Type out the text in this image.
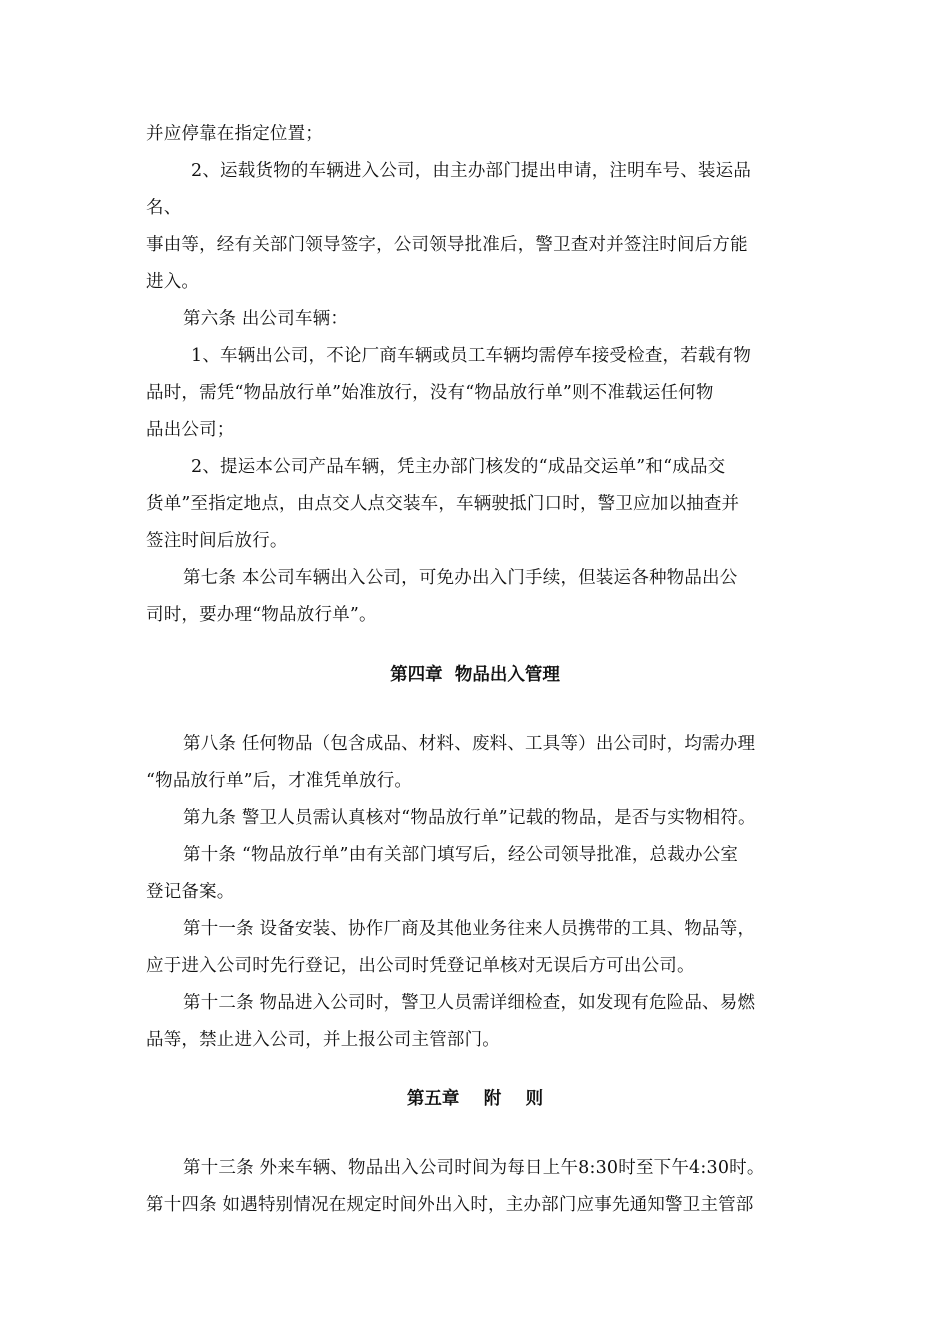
并应停靠在指定位置；
2、运载货物的车辆进入公司，由主办部门提出申请，注明车号、装运品
名、
事由等，经有关部门领导签字，公司领导批准后，警卫查对并签注时间后方能
进入。
第六条 出公司车辆：
1、车辆出公司，不论厂商车辆或员工车辆均需停车接受检查，若载有物
品时，需凭“物品放行单”始准放行，没有“物品放行单”则不准载运任何物
品出公司；
2、提运本公司产品车辆，凭主办部门核发的“成品交运单”和“成品交
货单”至指定地点，由点交人点交装车，车辆驶抵门口时，警卫应加以抽查并
签注时间后放行。
第七条 本公司车辆出入公司，可免办出入门手续，但装运各种物品出公
司时，要办理“物品放行单”。
第四章  物品出入管理
第八条 任何物品（包含成品、材料、废料、工具等）出公司时，均需办理
“物品放行单”后，才准凭单放行。
第九条 警卫人员需认真核对“物品放行单”记载的物品，是否与实物相符。
第十条 “物品放行单”由有关部门填写后，经公司领导批准，总裁办公室
登记备案。
第十一条 设备安装、协作厂商及其他业务往来人员携带的工具、物品等，
应于进入公司时先行登记，出公司时凭登记单核对无误后方可出公司。
第十二条 物品进入公司时，警卫人员需详细检查，如发现有危险品、易燃
品等，禁止进入公司，并上报公司主管部门。
第五章    附    则
第十三条 外来车辆、物品出入公司时间为每日上午8:30时至下午4:30时。
第十四条 如遇特别情况在规定时间外出入时，主办部门应事先通知警卫主管部
